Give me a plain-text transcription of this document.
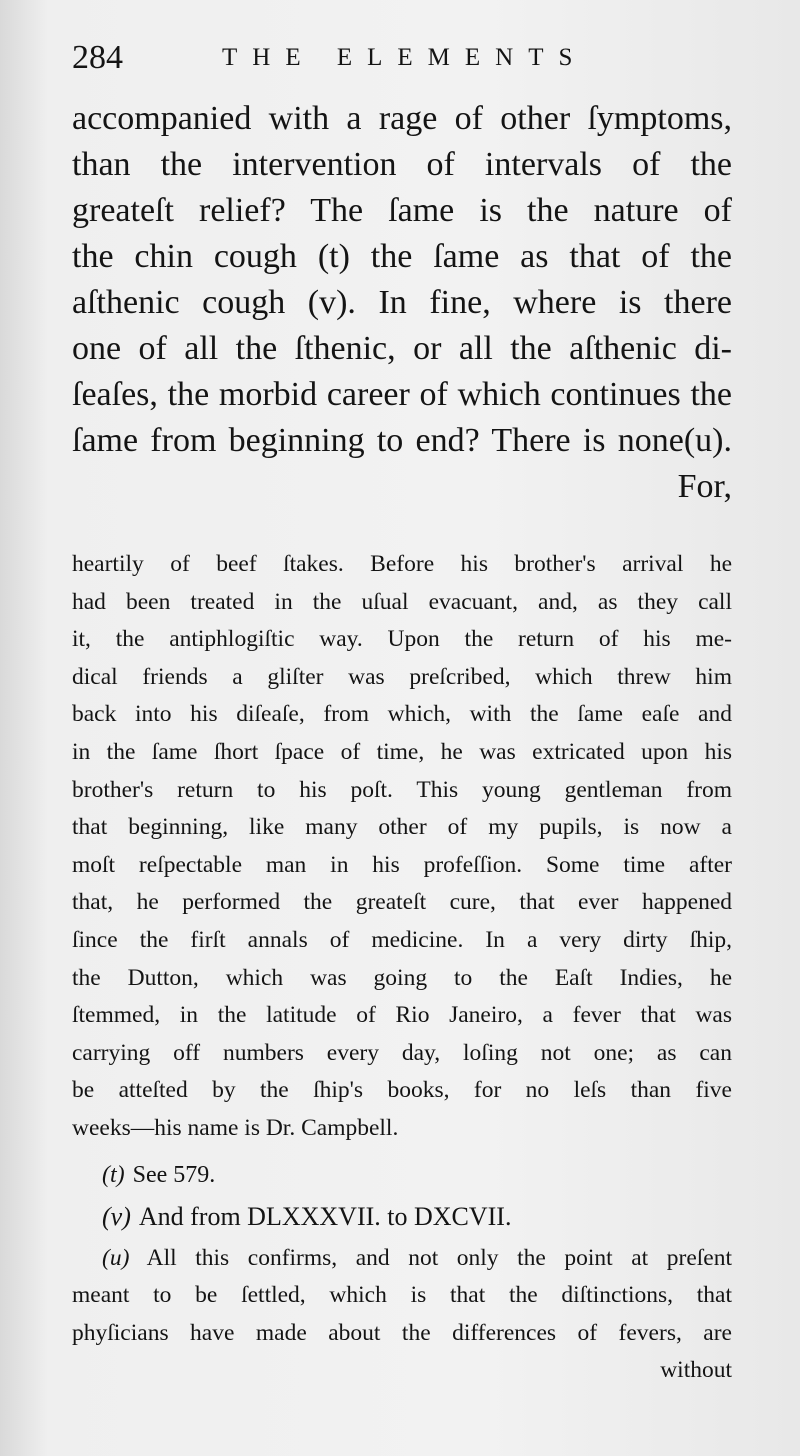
284	THE ELEMENTS
accompanied with a rage of other ſymptoms,
than the intervention of intervals of the
greateſt relief? The ſame is the nature of
the chin cough (t) the ſame as that of the
aſthenic cough (v). In fine, where is there
one of all the ſthenic, or all the aſthenic di-
ſeaſes, the morbid career of which continues the
ſame from beginning to end? There is none(u).
For,
heartily of beef ſtakes. Before his brother's arrival he
had been treated in the uſual evacuant, and, as they call
it, the antiphlogiſtic way. Upon the return of his me-
dical friends a gliſter was preſcribed, which threw him
back into his diſeaſe, from which, with the ſame eaſe and
in the ſame ſhort ſpace of time, he was extricated upon his
brother's return to his poſt. This young gentleman from
that beginning, like many other of my pupils, is now a
moſt reſpectable man in his profeſſion. Some time after
that, he performed the greateſt cure, that ever happened
ſince the firſt annals of medicine. In a very dirty ſhip,
the Dutton, which was going to the Eaſt Indies, he
ſtemmed, in the latitude of Rio Janeiro, a fever that was
carrying off numbers every day, loſing not one; as can
be atteſted by the ſhip's books, for no leſs than five
weeks—his name is Dr. Campbell.
(t) See 579.
(v) And from DLXXXVII. to DXCVII.
(u) All this confirms, and not only the point at preſent
meant to be ſettled, which is that the diſtinctions, that
phyſicians have made about the differences of fevers, are
without
